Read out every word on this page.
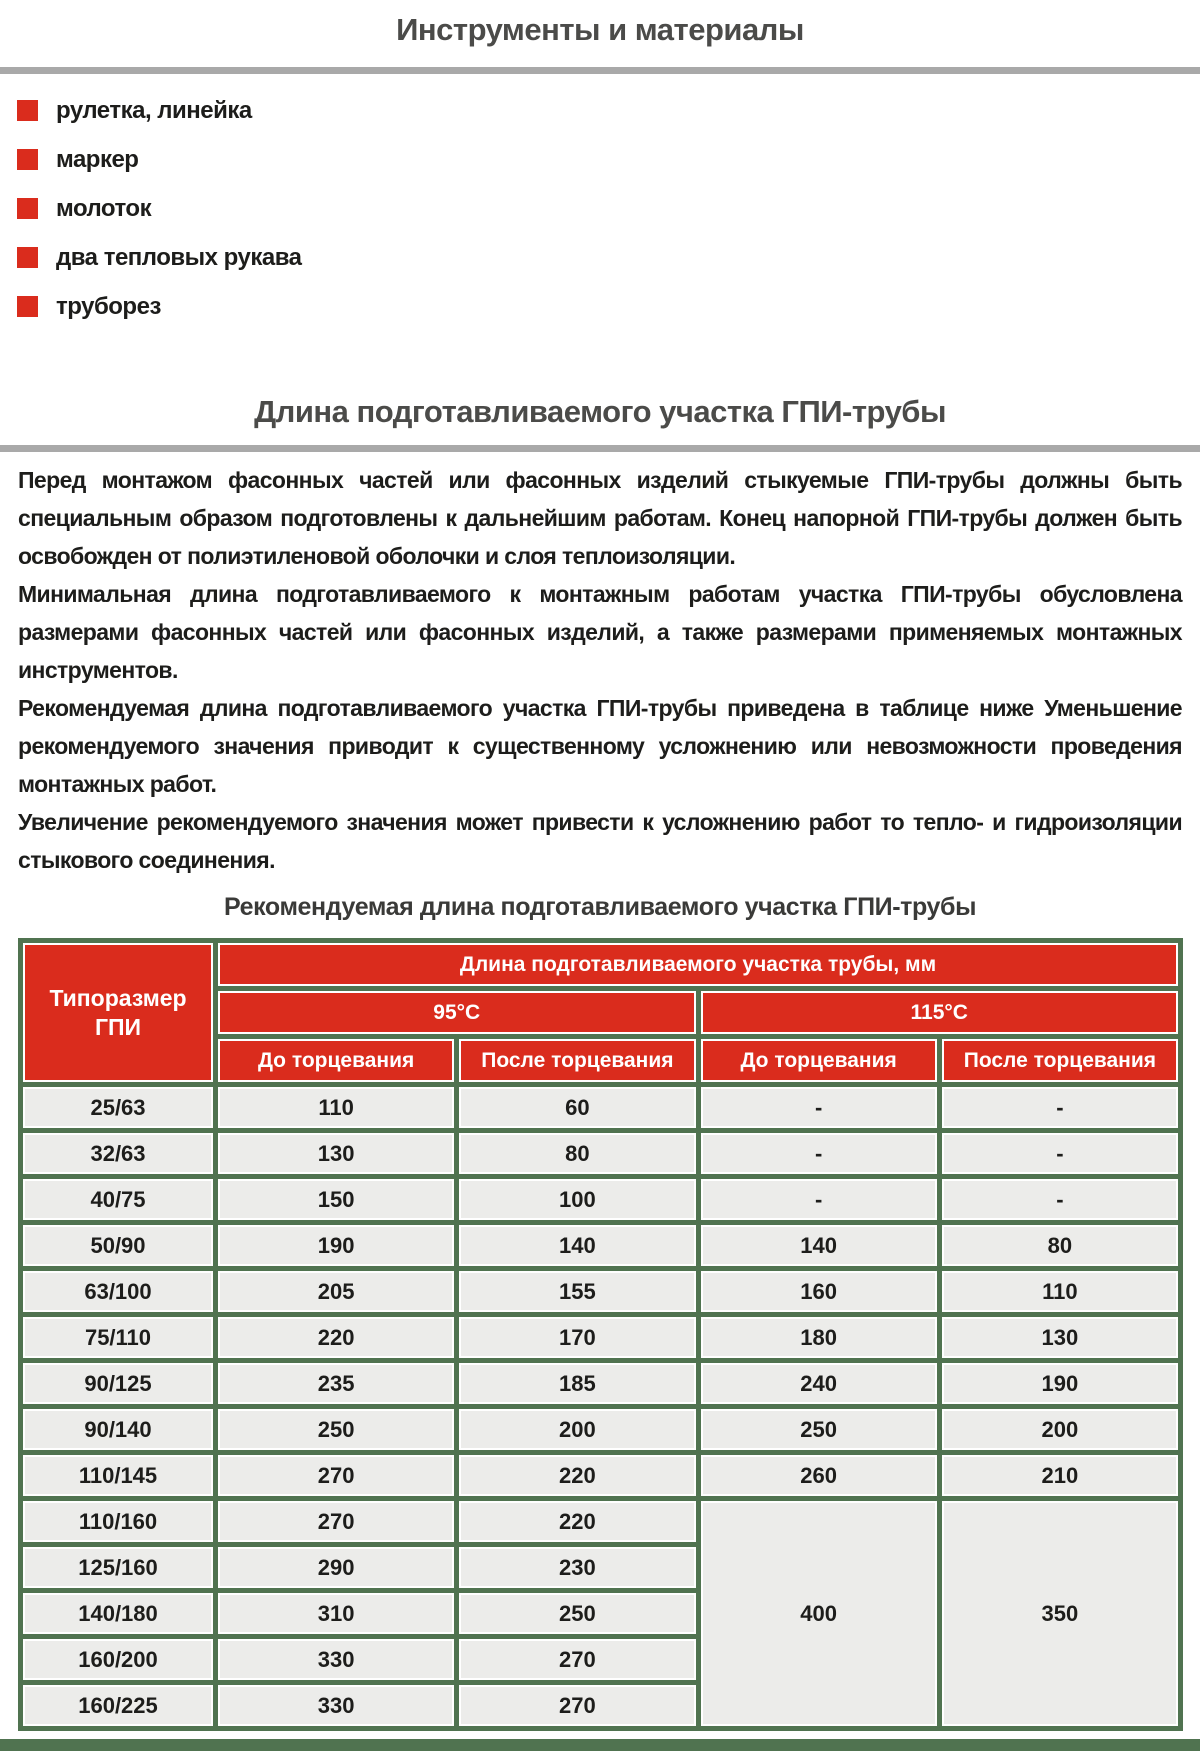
Инструменты и материалы
рулетка, линейка
маркер
молоток
два тепловых рукава
труборез
Длина подготавливаемого участка ГПИ-трубы

Перед монтажом фасонных частей или фасонных изделий стыкуемые ГПИ-трубы должны быть специальным образом подготовлены к дальнейшим работам. Конец напорной ГПИ-трубы должен быть освобожден от полиэтиленовой оболочки и слоя теплоизоляции.

Минимальная длина подготавливаемого к монтажным работам участка ГПИ-трубы обусловлена размерами фасонных частей или фасонных изделий, а также размерами применяемых монтажных инструментов.

Рекомендуемая длина подготавливаемого участка ГПИ-трубы приведена в таблице ниже Уменьшение рекомендуемого значения приводит к существенному усложнению или невозможности проведения монтажных работ.

Увеличение рекомендуемого значения может привести к усложнению работ то тепло- и гидроизоляции стыкового соединения.

Рекомендуемая длина подготавливаемого участка ГПИ-трубы
Типоразмер ГПИ	Длина подготавливаемого участка трубы, мм			
	95°С		115°С	
	До торцевания	После торцевания	До торцевания	После торцевания
25/63	110	60	-	-
32/63	130	80	-	-
40/75	150	100	-	-
50/90	190	140	140	80
63/100	205	155	160	110
75/110	220	170	180	130
90/125	235	185	240	190
90/140	250	200	250	200
110/145	270	220	260	210
110/160	270	220	400	350
125/160	290	230		
140/180	310	250		
160/200	330	270		
160/225	330	270		
